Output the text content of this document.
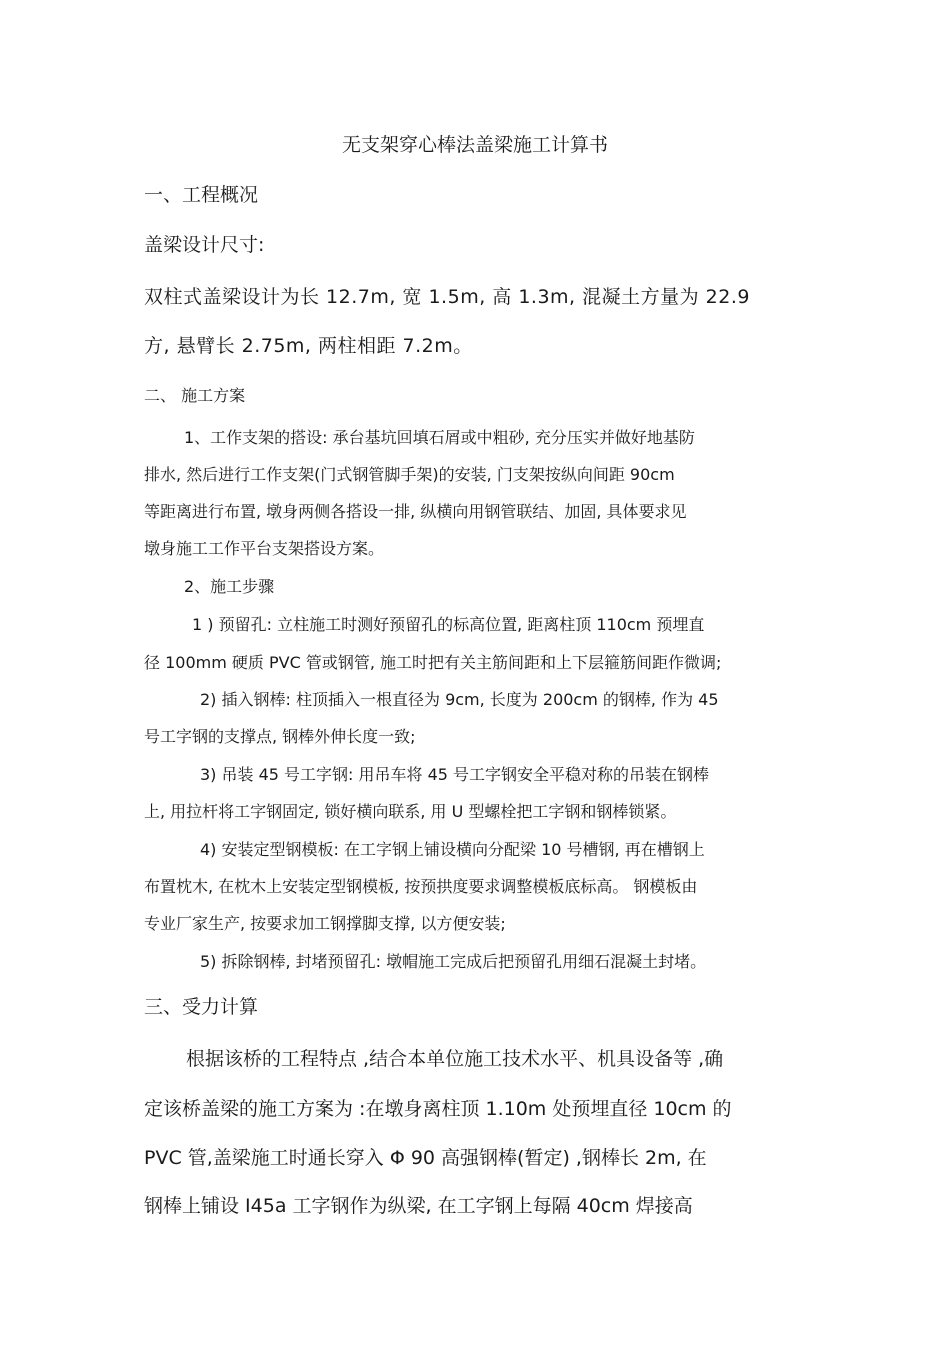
无支架穿心棒法盖梁施工计算书

一、工程概况

盖梁设计尺寸:

双柱式盖梁设计为长 12.7m, 宽 1.5m, 高 1.3m, 混凝土方量为 22.9

方, 悬臂长 2.75m, 两柱相距 7.2m。

二、 施工方案

1、工作支架的搭设: 承台基坑回填石屑或中粗砂, 充分压实并做好地基防

排水, 然后进行工作支架(门式钢管脚手架)的安装, 门支架按纵向间距 90cm

等距离进行布置, 墩身两侧各搭设一排, 纵横向用钢管联结、加固, 具体要求见

墩身施工工作平台支架搭设方案。

2、施工步骤

1 ) 预留孔: 立柱施工时测好预留孔的标高位置, 距离柱顶 110cm 预埋直

径 100mm 硬质 PVC 管或钢管, 施工时把有关主筋间距和上下层箍筋间距作微调;

2) 插入钢棒: 柱顶插入一根直径为 9cm, 长度为 200cm 的钢棒, 作为 45

号工字钢的支撑点, 钢棒外伸长度一致;

3) 吊装 45 号工字钢: 用吊车将 45 号工字钢安全平稳对称的吊装在钢棒

上, 用拉杆将工字钢固定, 锁好横向联系, 用 U 型螺栓把工字钢和钢棒锁紧。

4) 安装定型钢模板: 在工字钢上铺设横向分配梁 10 号槽钢, 再在槽钢上

布置枕木, 在枕木上安装定型钢模板, 按预拱度要求调整模板底标高。 钢模板由

专业厂家生产, 按要求加工钢撑脚支撑, 以方便安装;

5) 拆除钢棒, 封堵预留孔: 墩帽施工完成后把预留孔用细石混凝土封堵。

三、受力计算

根据该桥的工程特点 ,结合本单位施工技术水平、机具设备等 ,确

定该桥盖梁的施工方案为 :在墩身离柱顶 1.10m 处预埋直径 10cm 的

PVC 管,盖梁施工时通长穿入 Φ 90 高强钢棒(暂定) ,钢棒长 2m, 在

钢棒上铺设 I45a 工字钢作为纵梁, 在工字钢上每隔 40cm 焊接高
